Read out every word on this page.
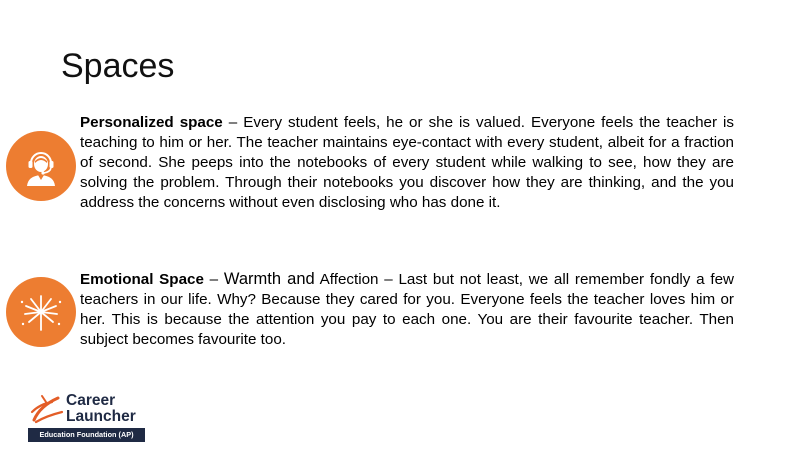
Spaces
Personalized space – Every student feels, he or she is valued. Everyone feels the teacher is teaching to him or her. The teacher maintains eye-contact with every student, albeit for a fraction of second. She peeps into the notebooks of every student while walking to see, how they are solving the problem. Through their notebooks you discover how they are thinking, and the you address the concerns without even disclosing who has done it.
Emotional Space – Warmth and Affection – Last but not least, we all remember fondly a few teachers in our life. Why? Because they cared for you. Everyone feels the teacher loves him or her. This is because the attention you pay to each one. You are their favourite teacher. Then subject becomes favourite too.
Career
Launcher
Education Foundation (AP)
